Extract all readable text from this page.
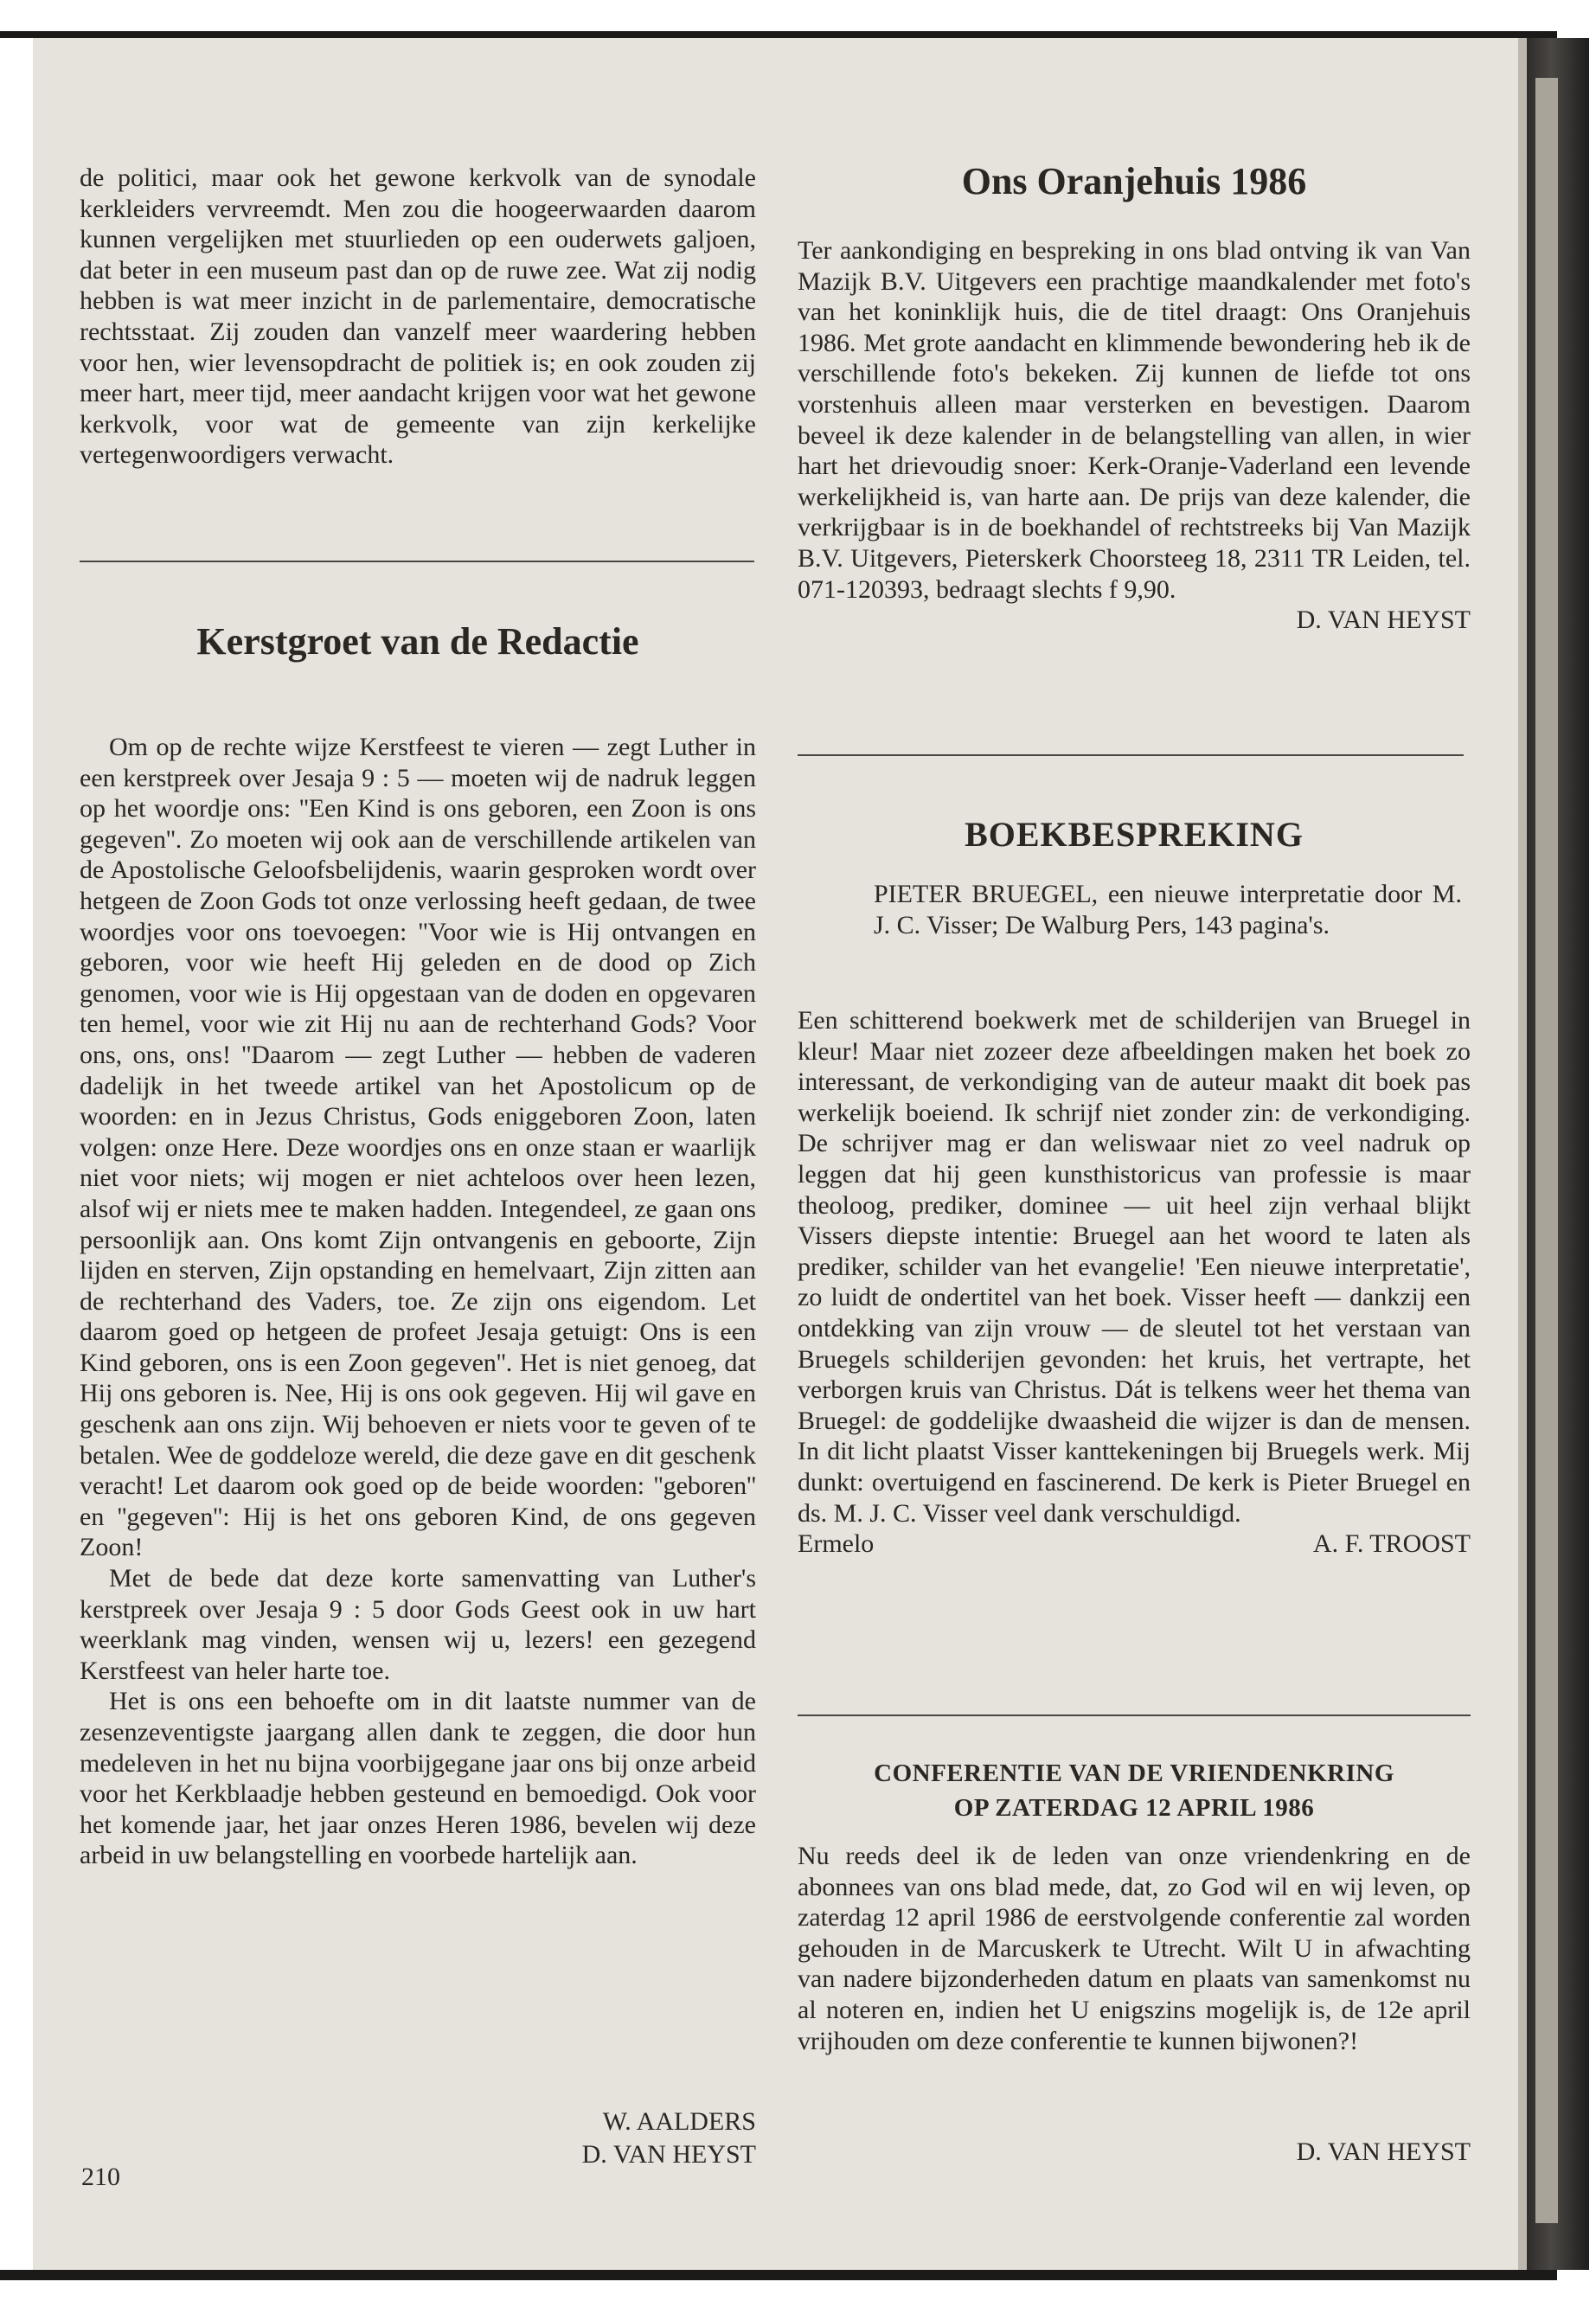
de politici, maar ook het gewone kerkvolk van de synodale kerkleiders vervreemdt. Men zou die hoogeerwaarden daarom kunnen vergelijken met stuurlieden op een ouderwets galjoen, dat beter in een museum past dan op de ruwe zee. Wat zij nodig hebben is wat meer inzicht in de parlementaire, democratische rechtsstaat. Zij zouden dan vanzelf meer waardering hebben voor hen, wier levensopdracht de politiek is; en ook zouden zij meer hart, meer tijd, meer aandacht krijgen voor wat het gewone kerkvolk, voor wat de gemeente van zijn kerkelijke vertegenwoordigers verwacht.

Kerstgroet van de Redactie

Om op de rechte wijze Kerstfeest te vieren — zegt Luther in een kerstpreek over Jesaja 9 : 5 — moeten wij de nadruk leggen op het woordje ons: ''Een Kind is ons geboren, een Zoon is ons gegeven''. Zo moeten wij ook aan de verschillende artikelen van de Apostolische Geloofsbelijdenis, waarin gesproken wordt over hetgeen de Zoon Gods tot onze verlossing heeft gedaan, de twee woordjes voor ons toevoegen: ''Voor wie is Hij ontvangen en geboren, voor wie heeft Hij geleden en de dood op Zich genomen, voor wie is Hij opgestaan van de doden en opgevaren ten hemel, voor wie zit Hij nu aan de rechterhand Gods? Voor ons, ons, ons! ''Daarom — zegt Luther — hebben de vaderen dadelijk in het tweede artikel van het Apostolicum op de woorden: en in Jezus Christus, Gods eniggeboren Zoon, laten volgen: onze Here. Deze woordjes ons en onze staan er waarlijk niet voor niets; wij mogen er niet achteloos over heen lezen, alsof wij er niets mee te maken hadden. Integendeel, ze gaan ons persoonlijk aan. Ons komt Zijn ontvangenis en geboorte, Zijn lijden en sterven, Zijn opstanding en hemelvaart, Zijn zitten aan de rechterhand des Vaders, toe. Ze zijn ons eigendom. Let daarom goed op hetgeen de profeet Jesaja getuigt: Ons is een Kind geboren, ons is een Zoon gegeven''. Het is niet genoeg, dat Hij ons geboren is. Nee, Hij is ons ook gegeven. Hij wil gave en geschenk aan ons zijn. Wij behoeven er niets voor te geven of te betalen. Wee de goddeloze wereld, die deze gave en dit geschenk veracht! Let daarom ook goed op de beide woorden: ''geboren'' en ''gegeven'': Hij is het ons geboren Kind, de ons gegeven Zoon!

Met de bede dat deze korte samenvatting van Luther's kerstpreek over Jesaja 9 : 5 door Gods Geest ook in uw hart weerklank mag vinden, wensen wij u, lezers! een gezegend Kerstfeest van heler harte toe.

Het is ons een behoefte om in dit laatste nummer van de zesenzeventigste jaargang allen dank te zeggen, die door hun medeleven in het nu bijna voorbijgegane jaar ons bij onze arbeid voor het Kerkblaadje hebben gesteund en bemoedigd. Ook voor het komende jaar, het jaar onzes Heren 1986, bevelen wij deze arbeid in uw belangstelling en voorbede hartelijk aan.

W. AALDERS
D. VAN HEYST
210
Ons Oranjehuis 1986

Ter aankondiging en bespreking in ons blad ontving ik van Van Mazijk B.V. Uitgevers een prachtige maandkalender met foto's van het koninklijk huis, die de titel draagt: Ons Oranjehuis 1986. Met grote aandacht en klimmende bewondering heb ik de verschillende foto's bekeken. Zij kunnen de liefde tot ons vorstenhuis alleen maar versterken en bevestigen. Daarom beveel ik deze kalender in de belangstelling van allen, in wier hart het drievoudig snoer: Kerk-Oranje-Vaderland een levende werkelijkheid is, van harte aan. De prijs van deze kalender, die verkrijgbaar is in de boekhandel of rechtstreeks bij Van Mazijk B.V. Uitgevers, Pieterskerk Choorsteeg 18, 2311 TR Leiden, tel. 071-120393, bedraagt slechts f 9,90.

D. VAN HEYST

BOEKBESPREKING

PIETER BRUEGEL, een nieuwe interpretatie door M. J. C. Visser; De Walburg Pers, 143 pagina's.

Een schitterend boekwerk met de schilderijen van Bruegel in kleur! Maar niet zozeer deze afbeeldingen maken het boek zo interessant, de verkondiging van de auteur maakt dit boek pas werkelijk boeiend. Ik schrijf niet zonder zin: de verkondiging. De schrijver mag er dan weliswaar niet zo veel nadruk op leggen dat hij geen kunsthistoricus van professie is maar theoloog, prediker, dominee — uit heel zijn verhaal blijkt Vissers diepste intentie: Bruegel aan het woord te laten als prediker, schilder van het evangelie! 'Een nieuwe interpretatie', zo luidt de ondertitel van het boek. Visser heeft — dankzij een ontdekking van zijn vrouw — de sleutel tot het verstaan van Bruegels schilderijen gevonden: het kruis, het vertrapte, het verborgen kruis van Christus. Dát is telkens weer het thema van Bruegel: de goddelijke dwaasheid die wijzer is dan de mensen. In dit licht plaatst Visser kanttekeningen bij Bruegels werk. Mij dunkt: overtuigend en fascinerend. De kerk is Pieter Bruegel en ds. M. J. C. Visser veel dank verschuldigd.

Ermelo	A. F. TROOST
CONFERENTIE VAN DE VRIENDENKRING
OP ZATERDAG 12 APRIL 1986

Nu reeds deel ik de leden van onze vriendenkring en de abonnees van ons blad mede, dat, zo God wil en wij leven, op zaterdag 12 april 1986 de eerstvolgende conferentie zal worden gehouden in de Marcuskerk te Utrecht. Wilt U in afwachting van nadere bijzonderheden datum en plaats van samenkomst nu al noteren en, indien het U enigszins mogelijk is, de 12e april vrijhouden om deze conferentie te kunnen bijwonen?!

D. VAN HEYST
